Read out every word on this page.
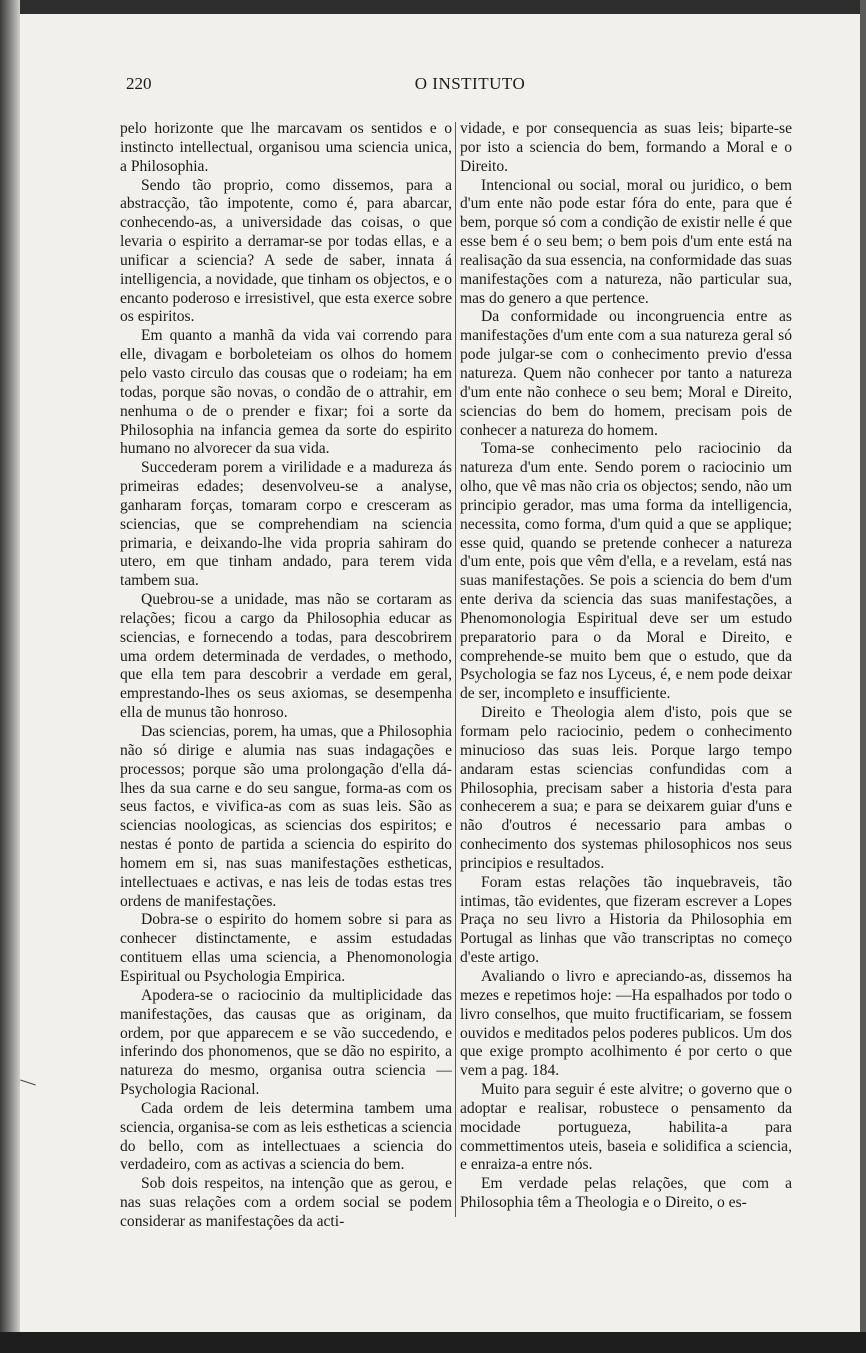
220	O INSTITUTO

pelo horizonte que lhe marcavam os sentidos e o instincto intellectual, organisou uma sciencia unica, a Philosophia.

Sendo tão proprio, como dissemos, para a abstracção, tão impotente, como é, para abarcar, conhecendo-as, a universidade das coisas, o que levaria o espirito a derramar-se por todas ellas, e a unificar a sciencia? A sede de saber, innata á intelligencia, a novidade, que tinham os objectos, e o encanto poderoso e irresistivel, que esta exerce sobre os espiritos.

Em quanto a manhã da vida vai correndo para elle, divagam e borboleteiam os olhos do homem pelo vasto circulo das cousas que o rodeiam; ha em todas, porque são novas, o condão de o attrahir, em nenhuma o de o prender e fixar; foi a sorte da Philosophia na infancia gemea da sorte do espirito humano no alvorecer da sua vida.

Succederam porem a virilidade e a madureza ás primeiras edades; desenvolveu-se a analyse, ganharam forças, tomaram corpo e cresceram as sciencias, que se comprehendiam na sciencia primaria, e deixando-lhe vida propria sahiram do utero, em que tinham andado, para terem vida tambem sua.

Quebrou-se a unidade, mas não se cortaram as relações; ficou a cargo da Philosophia educar as sciencias, e fornecendo a todas, para descobrirem uma ordem determinada de verdades, o methodo, que ella tem para descobrir a verdade em geral, emprestando-lhes os seus axiomas, se desempenha ella de munus tão honroso.

Das sciencias, porem, ha umas, que a Philosophia não só dirige e alumia nas suas indagações e processos; porque são uma prolongação d'ella dá-lhes da sua carne e do seu sangue, forma-as com os seus factos, e vivifica-as com as suas leis. São as sciencias noologicas, as sciencias dos espiritos; e nestas é ponto de partida a sciencia do espirito do homem em si, nas suas manifestações estheticas, intellectuaes e activas, e nas leis de todas estas tres ordens de manifestações.

Dobra-se o espirito do homem sobre si para as conhecer distinctamente, e assim estudadas contituem ellas uma sciencia, a Phenomonologia Espiritual ou Psychologia Empirica.

Apodera-se o raciocinio da multiplicidade das manifestações, das causas que as originam, da ordem, por que apparecem e se vão succedendo, e inferindo dos phonomenos, que se dão no espirito, a natureza do mesmo, organisa outra sciencia — Psychologia Racional.

Cada ordem de leis determina tambem uma sciencia, organisa-se com as leis estheticas a sciencia do bello, com as intellectuaes a sciencia do verdadeiro, com as activas a sciencia do bem.

Sob dois respeitos, na intenção que as gerou, e nas suas relações com a ordem social se podem considerar as manifestações da acti-

vidade, e por consequencia as suas leis; biparte-se por isto a sciencia do bem, formando a Moral e o Direito.

Intencional ou social, moral ou juridico, o bem d'um ente não pode estar fóra do ente, para que é bem, porque só com a condição de existir nelle é que esse bem é o seu bem; o bem pois d'um ente está na realisação da sua essencia, na conformidade das suas manifestações com a natureza, não particular sua, mas do genero a que pertence.

Da conformidade ou incongruencia entre as manifestações d'um ente com a sua natureza geral só pode julgar-se com o conhecimento previo d'essa natureza. Quem não conhecer por tanto a natureza d'um ente não conhece o seu bem; Moral e Direito, sciencias do bem do homem, precisam pois de conhecer a natureza do homem.

Toma-se conhecimento pelo raciocinio da natureza d'um ente. Sendo porem o raciocinio um olho, que vê mas não cria os objectos; sendo, não um principio gerador, mas uma forma da intelligencia, necessita, como forma, d'um quid a que se applique; esse quid, quando se pretende conhecer a natureza d'um ente, pois que vêm d'ella, e a revelam, está nas suas manifestações. Se pois a sciencia do bem d'um ente deriva da sciencia das suas manifestações, a Phenomonologia Espiritual deve ser um estudo preparatorio para o da Moral e Direito, e comprehende-se muito bem que o estudo, que da Psychologia se faz nos Lyceus, é, e nem pode deixar de ser, incompleto e insufficiente.

Direito e Theologia alem d'isto, pois que se formam pelo raciocinio, pedem o conhecimento minucioso das suas leis. Porque largo tempo andaram estas sciencias confundidas com a Philosophia, precisam saber a historia d'esta para conhecerem a sua; e para se deixarem guiar d'uns e não d'outros é necessario para ambas o conhecimento dos systemas philosophicos nos seus principios e resultados.

Foram estas relações tão inquebraveis, tão intimas, tão evidentes, que fizeram escrever a Lopes Praça no seu livro a Historia da Philosophia em Portugal as linhas que vão transcriptas no começo d'este artigo.

Avaliando o livro e apreciando-as, dissemos ha mezes e repetimos hoje: —Ha espalhados por todo o livro conselhos, que muito fructificariam, se fossem ouvidos e meditados pelos poderes publicos. Um dos que exige prompto acolhimento é por certo o que vem a pag. 184.

Muito para seguir é este alvitre; o governo que o adoptar e realisar, robustece o pensamento da mocidade portugueza, habilita-a para commettimentos uteis, baseia e solidifica a sciencia, e enraiza-a entre nós.

Em verdade pelas relações, que com a Philosophia têm a Theologia e o Direito, o es-
